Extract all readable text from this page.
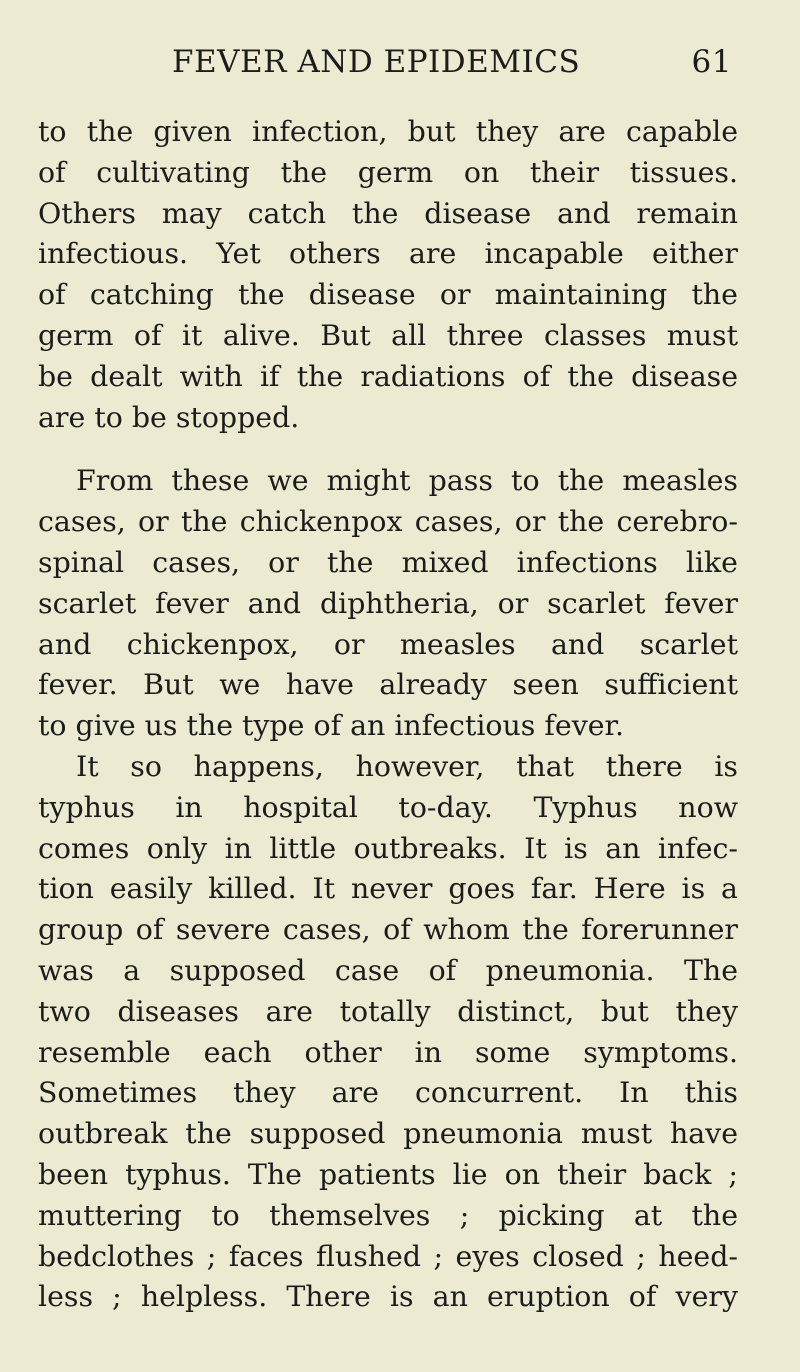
FEVER AND EPIDEMICS	61
to the given infection, but they are capable
of cultivating the germ on their tissues.
Others may catch the disease and remain
infectious. Yet others are incapable either
of catching the disease or maintaining the
germ of it alive. But all three classes must
be dealt with if the radiations of the disease
are to be stopped.
From these we might pass to the measles
cases, or the chickenpox cases, or the cerebro-
spinal cases, or the mixed infections like
scarlet fever and diphtheria, or scarlet fever
and chickenpox, or measles and scarlet
fever. But we have already seen sufficient
to give us the type of an infectious fever.
It so happens, however, that there is
typhus in hospital to-day. Typhus now
comes only in little outbreaks. It is an infec-
tion easily killed. It never goes far. Here is a
group of severe cases, of whom the forerunner
was a supposed case of pneumonia. The
two diseases are totally distinct, but they
resemble each other in some symptoms.
Sometimes they are concurrent. In this
outbreak the supposed pneumonia must have
been typhus. The patients lie on their back ;
muttering to themselves ; picking at the
bedclothes ; faces flushed ; eyes closed ; heed-
less ; helpless. There is an eruption of very
